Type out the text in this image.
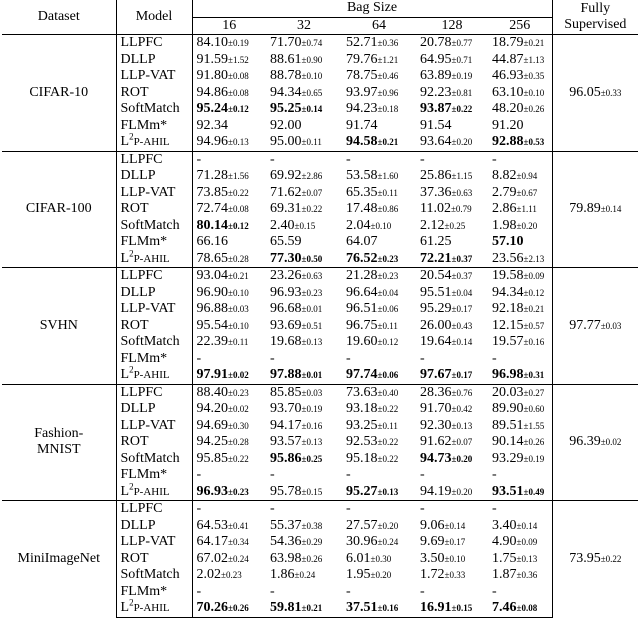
Dataset	Model	Bag Size					Fully
Supervised

		16	32	64	128	256	
CIFAR-10	LLPFC	84.10±0.19	71.70±0.74	52.71±0.36	20.78±0.77	18.79±0.21	96.05±0.33
	DLLP	91.59±1.52	88.61±0.90	79.76±1.21	64.95±0.71	44.87±1.13	
	LLP-VAT	91.80±0.08	88.78±0.10	78.75±0.46	63.89±0.19	46.93±0.35	
	ROT	94.86±0.08	94.34±0.65	93.97±0.96	92.23±0.81	63.10±0.10	
	SoftMatch	95.24±0.12	95.25±0.14	94.23±0.18	93.87±0.22	48.20±0.26	
	FLMm*	92.34	92.00	91.74	91.54	91.20	
	$L^2P$-AHIL	94.96±0.13	95.00±0.11	94.58±0.21	93.64±0.20	92.88±0.53	
CIFAR-100	LLPFC	-	-	-	-	-	79.89±0.14
	DLLP	71.28±1.56	69.92±2.86	53.58±1.60	25.86±1.15	8.82±0.94	
	LLP-VAT	73.85±0.22	71.62±0.07	65.35±0.11	37.36±0.63	2.79±0.67	
	ROT	72.74±0.08	69.31±0.22	17.48±0.86	11.02±0.79	2.86±1.11	
	SoftMatch	80.14±0.12	2.40±0.15	2.04±0.10	2.12±0.25	1.98±0.20	
	FLMm*	66.16	65.59	64.07	61.25	57.10	
	$L^2P$-AHIL	78.65±0.28	77.30±0.50	76.52±0.23	72.21±0.37	23.56±2.13	
SVHN	LLPFC	93.04±0.21	23.26±0.63	21.28±0.23	20.54±0.37	19.58±0.09	97.77±0.03
	DLLP	96.90±0.10	96.93±0.23	96.64±0.04	95.51±0.04	94.34±0.12	
	LLP-VAT	96.88±0.03	96.68±0.01	96.51±0.06	95.29±0.17	92.18±0.21	
	ROT	95.54±0.10	93.69±0.51	96.75±0.11	26.00±0.43	12.15±0.57	
	SoftMatch	22.39±0.11	19.68±0.13	19.60±0.12	19.64±0.14	19.57±0.16	
	FLMm*	-	-	-	-	-	
	$L^2P$-AHIL	97.91±0.02	97.88±0.01	97.74±0.06	97.67±0.17	96.98±0.31	

Fashion-
MNIST	LLPFC	88.40±0.23	85.85±0.03	73.63±0.40	28.36±0.76	20.03±0.27	96.39±0.02
	DLLP	94.20±0.02	93.70±0.19	93.18±0.22	91.70±0.42	89.90±0.60	
	LLP-VAT	94.69±0.30	94.17±0.16	93.25±0.11	92.30±0.13	89.51±1.55	
	ROT	94.25±0.28	93.57±0.13	92.53±0.22	91.62±0.07	90.14±0.26	
	SoftMatch	95.85±0.22	95.86±0.25	95.18±0.22	94.73±0.20	93.29±0.19	
	FLMm*	-	-	-	-	-	
	$L^2P$-AHIL	96.93±0.23	95.78±0.15	95.27±0.13	94.19±0.20	93.51±0.49	
MiniImageNet	LLPFC	-	-	-	-	-	73.95±0.22
	DLLP	64.53±0.41	55.37±0.38	27.57±0.20	9.06±0.14	3.40±0.14	
	LLP-VAT	64.17±0.34	54.36±0.29	30.96±0.24	9.69±0.17	4.90±0.09	
	ROT	67.02±0.24	63.98±0.26	6.01±0.30	3.50±0.10	1.75±0.13	
	SoftMatch	2.02±0.23	1.86±0.24	1.95±0.20	1.72±0.33	1.87±0.36	
	FLMm*	-	-	-	-	-	
	$L^2P$-AHIL	70.26±0.26	59.81±0.21	37.51±0.16	16.91±0.15	7.46±0.08	
